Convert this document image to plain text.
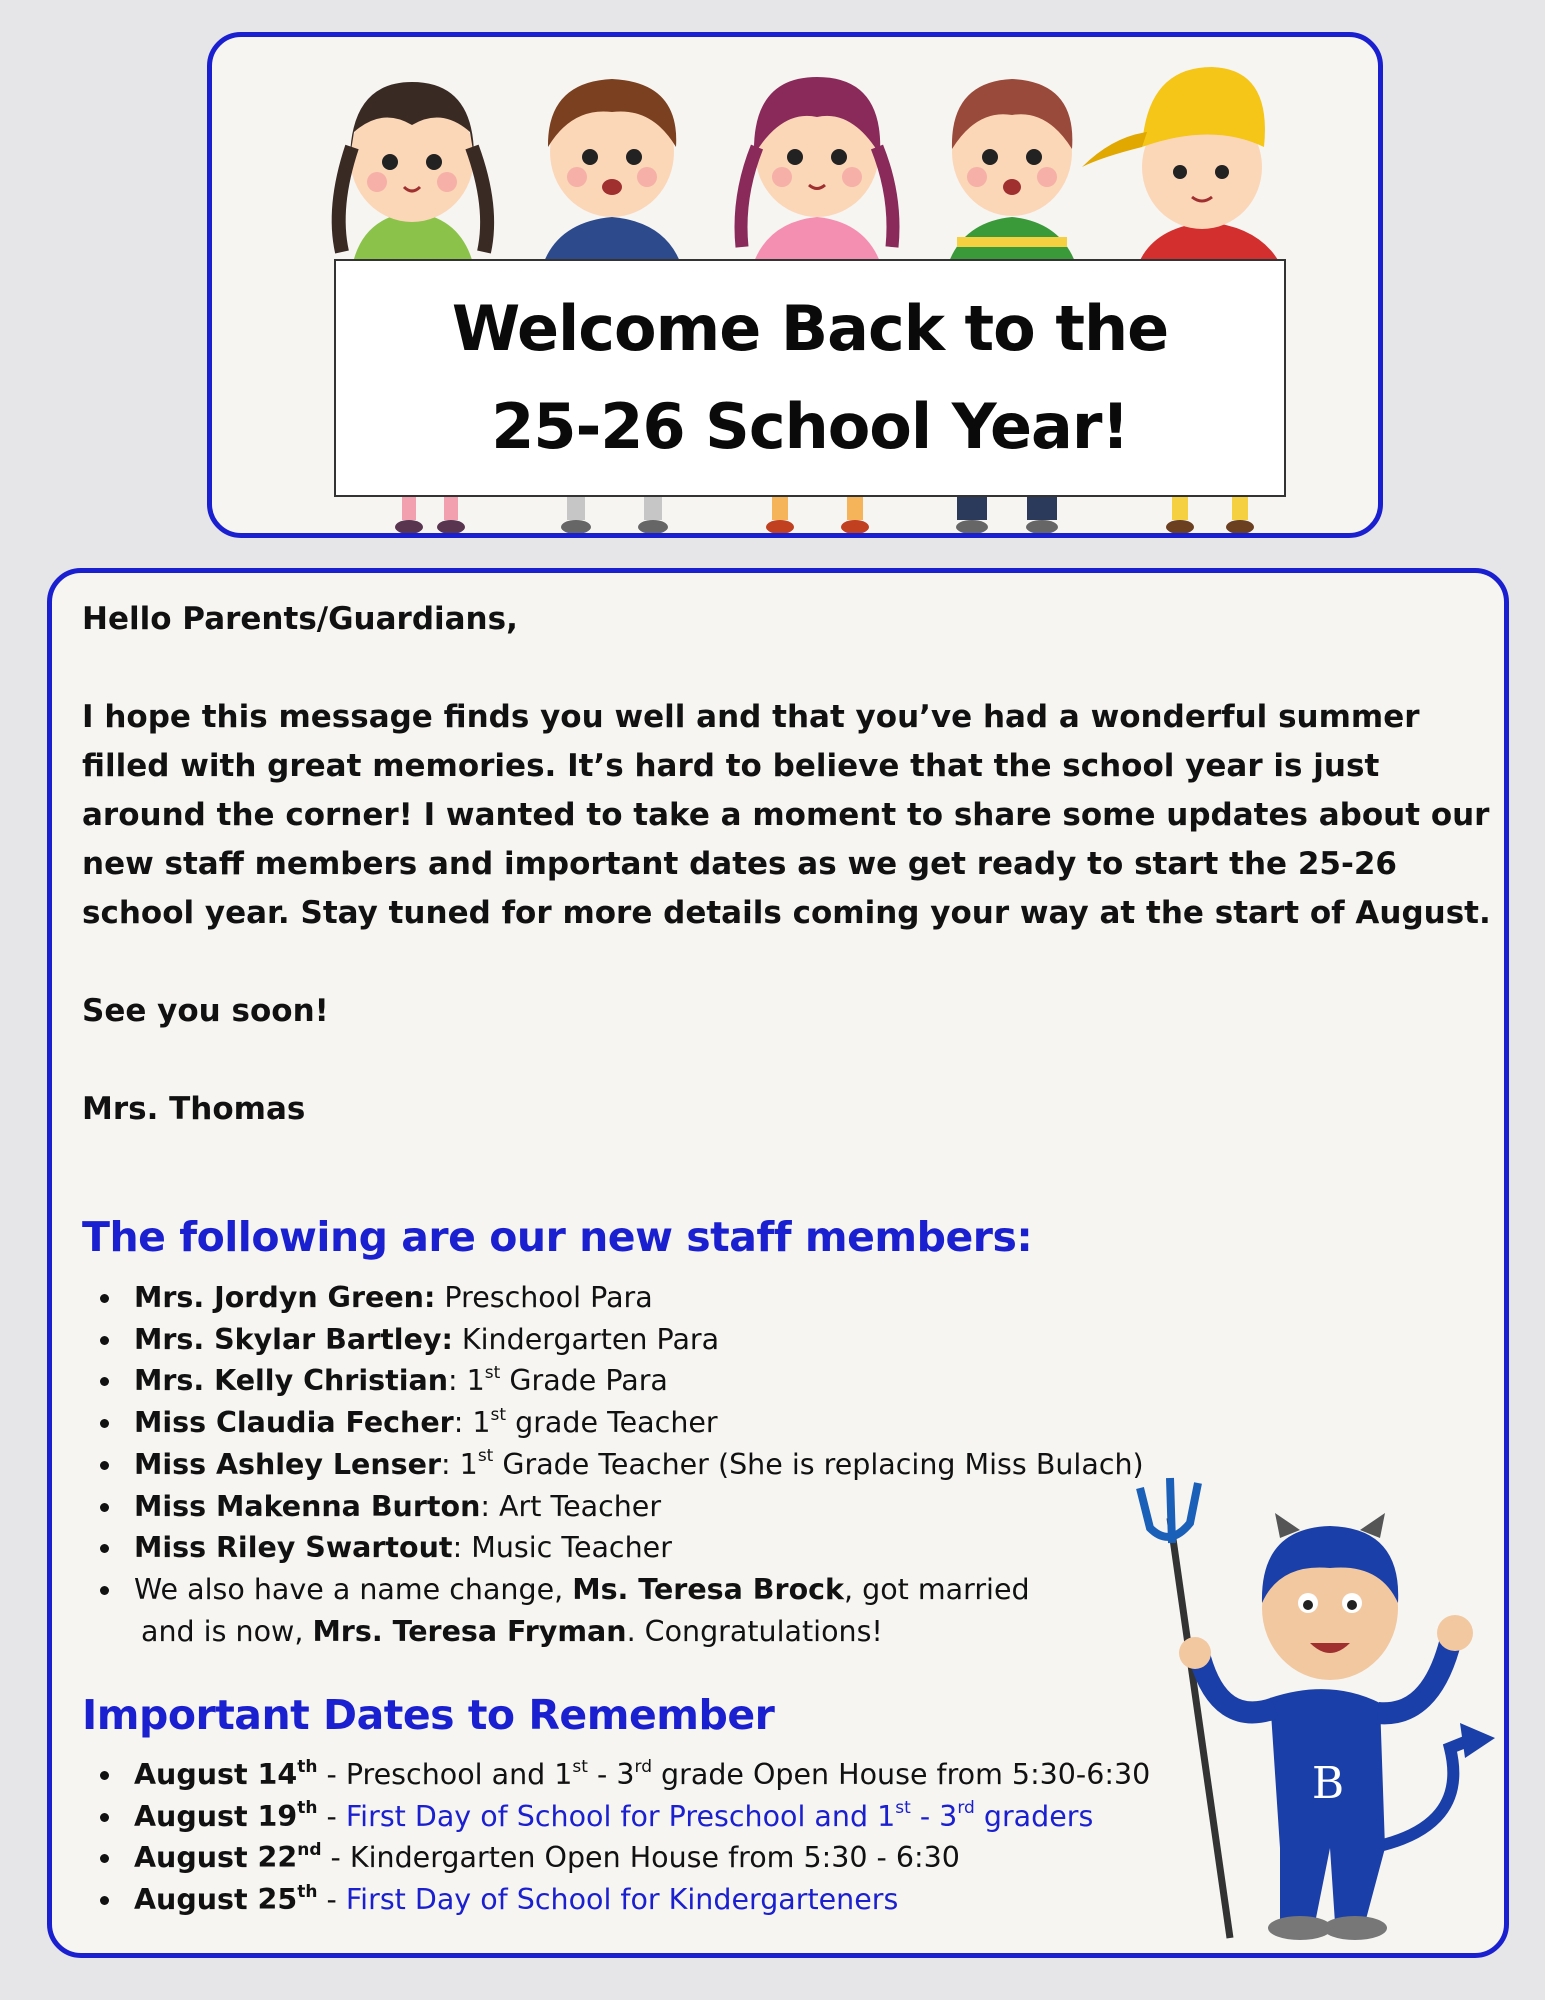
Welcome Back to the
25-26 School Year!

Hello Parents/Guardians,

I hope this message finds you well and that you’ve had a wonderful summer filled with great memories. It’s hard to believe that the school year is just around the corner! I wanted to take a moment to share some updates about our new staff members and important dates as we get ready to start the 25-26 school year. Stay tuned for more details coming your way at the start of August.

See you soon!

Mrs. Thomas

The following are our new staff members:
Mrs. Jordyn Green: Preschool Para
Mrs. Skylar Bartley: Kindergarten Para
Mrs. Kelly Christian: 1st Grade Para
Miss Claudia Fecher: 1st grade Teacher
Miss Ashley Lenser: 1st Grade Teacher (She is replacing Miss Bulach)
Miss Makenna Burton: Art Teacher
Miss Riley Swartout: Music Teacher
We also have a name change, Ms. Teresa Brock, got married
and is now, Mrs. Teresa Fryman. Congratulations!
Important Dates to Remember
August 14th - Preschool and 1st - 3rd grade Open House from 5:30-6:30
August 19th - First Day of School for Preschool and 1st - 3rd graders
August 22nd - Kindergarten Open House from 5:30 - 6:30
August 25th - First Day of School for Kindergarteners
B
